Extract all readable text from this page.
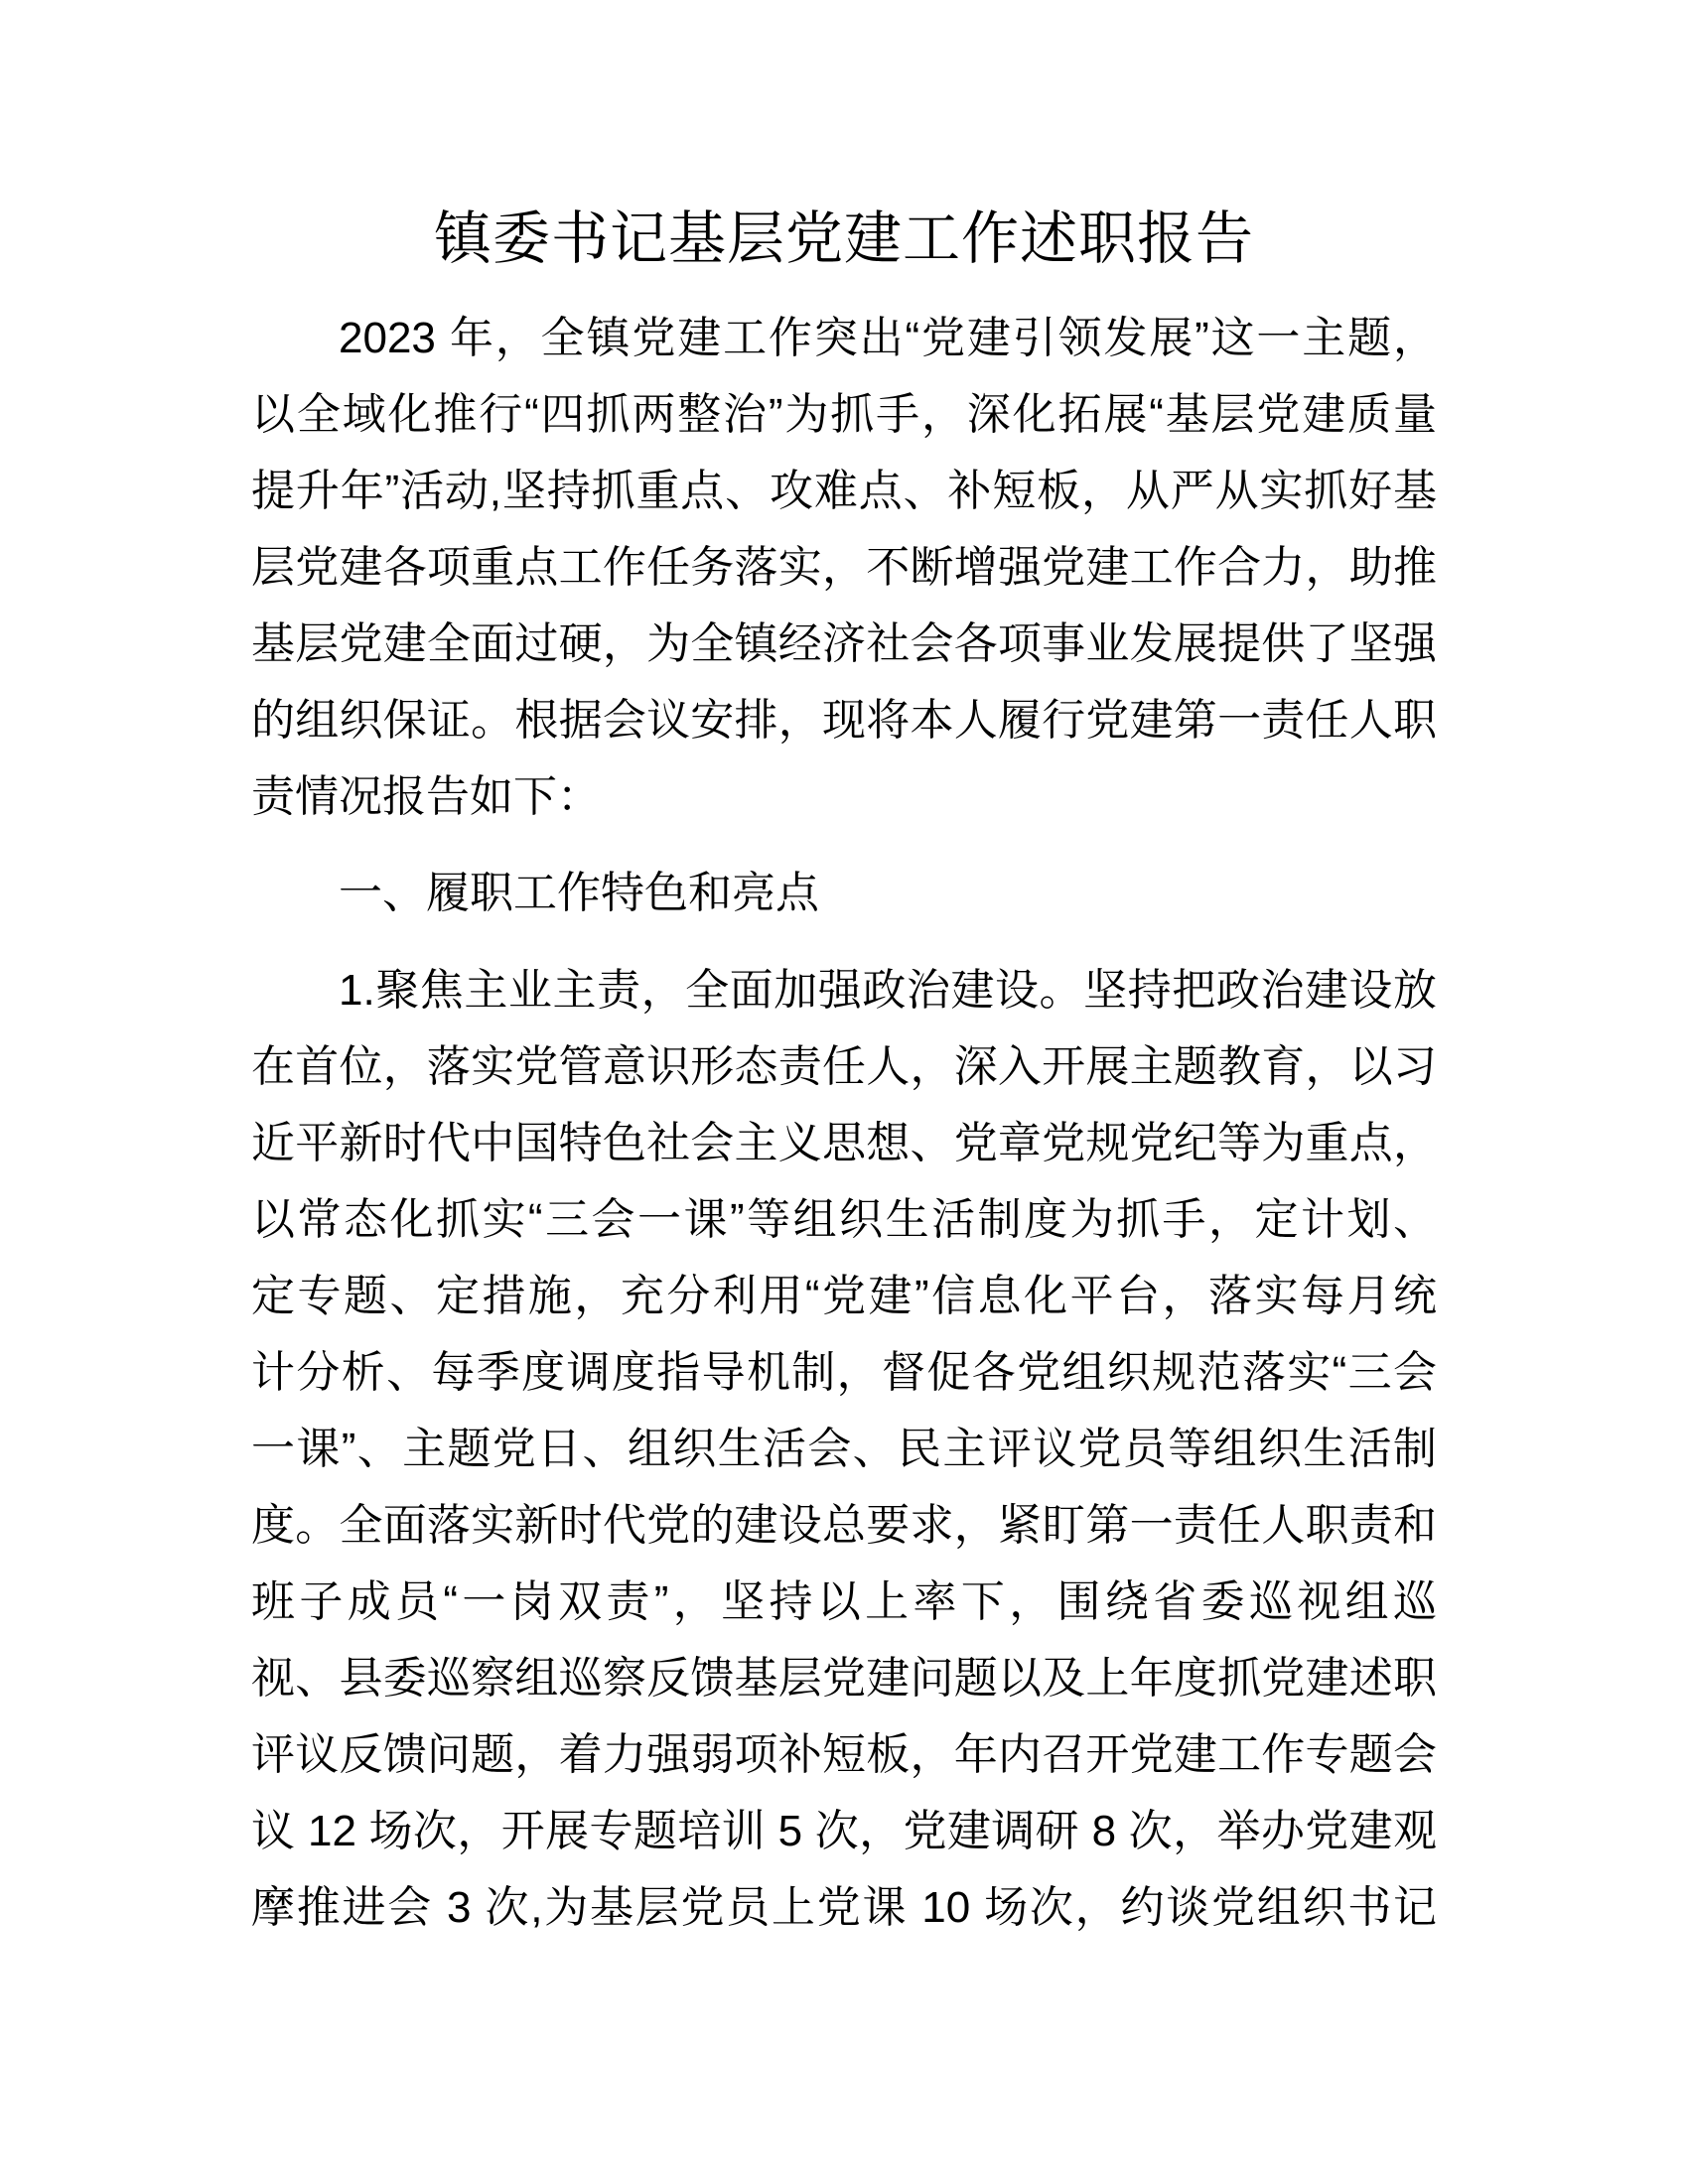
镇委书记基层党建工作述职报告
2023 年，全镇党建工作突出“党建引领发展”这一主题，
以全域化推行“四抓两整治”为抓手，深化拓展“基层党建质量
提升年”活动,坚持抓重点、攻难点、补短板，从严从实抓好基
层党建各项重点工作任务落实，不断增强党建工作合力，助推
基层党建全面过硬，为全镇经济社会各项事业发展提供了坚强
的组织保证。根据会议安排，现将本人履行党建第一责任人职
责情况报告如下：
一、履职工作特色和亮点
1.聚焦主业主责，全面加强政治建设。坚持把政治建设放
在首位，落实党管意识形态责任人，深入开展主题教育，以习
近平新时代中国特色社会主义思想、党章党规党纪等为重点，
以常态化抓实“三会一课”等组织生活制度为抓手，定计划、
定专题、定措施，充分利用“党建”信息化平台，落实每月统
计分析、每季度调度指导机制，督促各党组织规范落实“三会
一课”、主题党日、组织生活会、民主评议党员等组织生活制
度。全面落实新时代党的建设总要求，紧盯第一责任人职责和
班子成员“一岗双责”，坚持以上率下，围绕省委巡视组巡
视、县委巡察组巡察反馈基层党建问题以及上年度抓党建述职
评议反馈问题，着力强弱项补短板，年内召开党建工作专题会
议 12 场次，开展专题培训 5 次，党建调研 8 次，举办党建观
摩推进会 3 次,为基层党员上党课 10 场次，约谈党组织书记
